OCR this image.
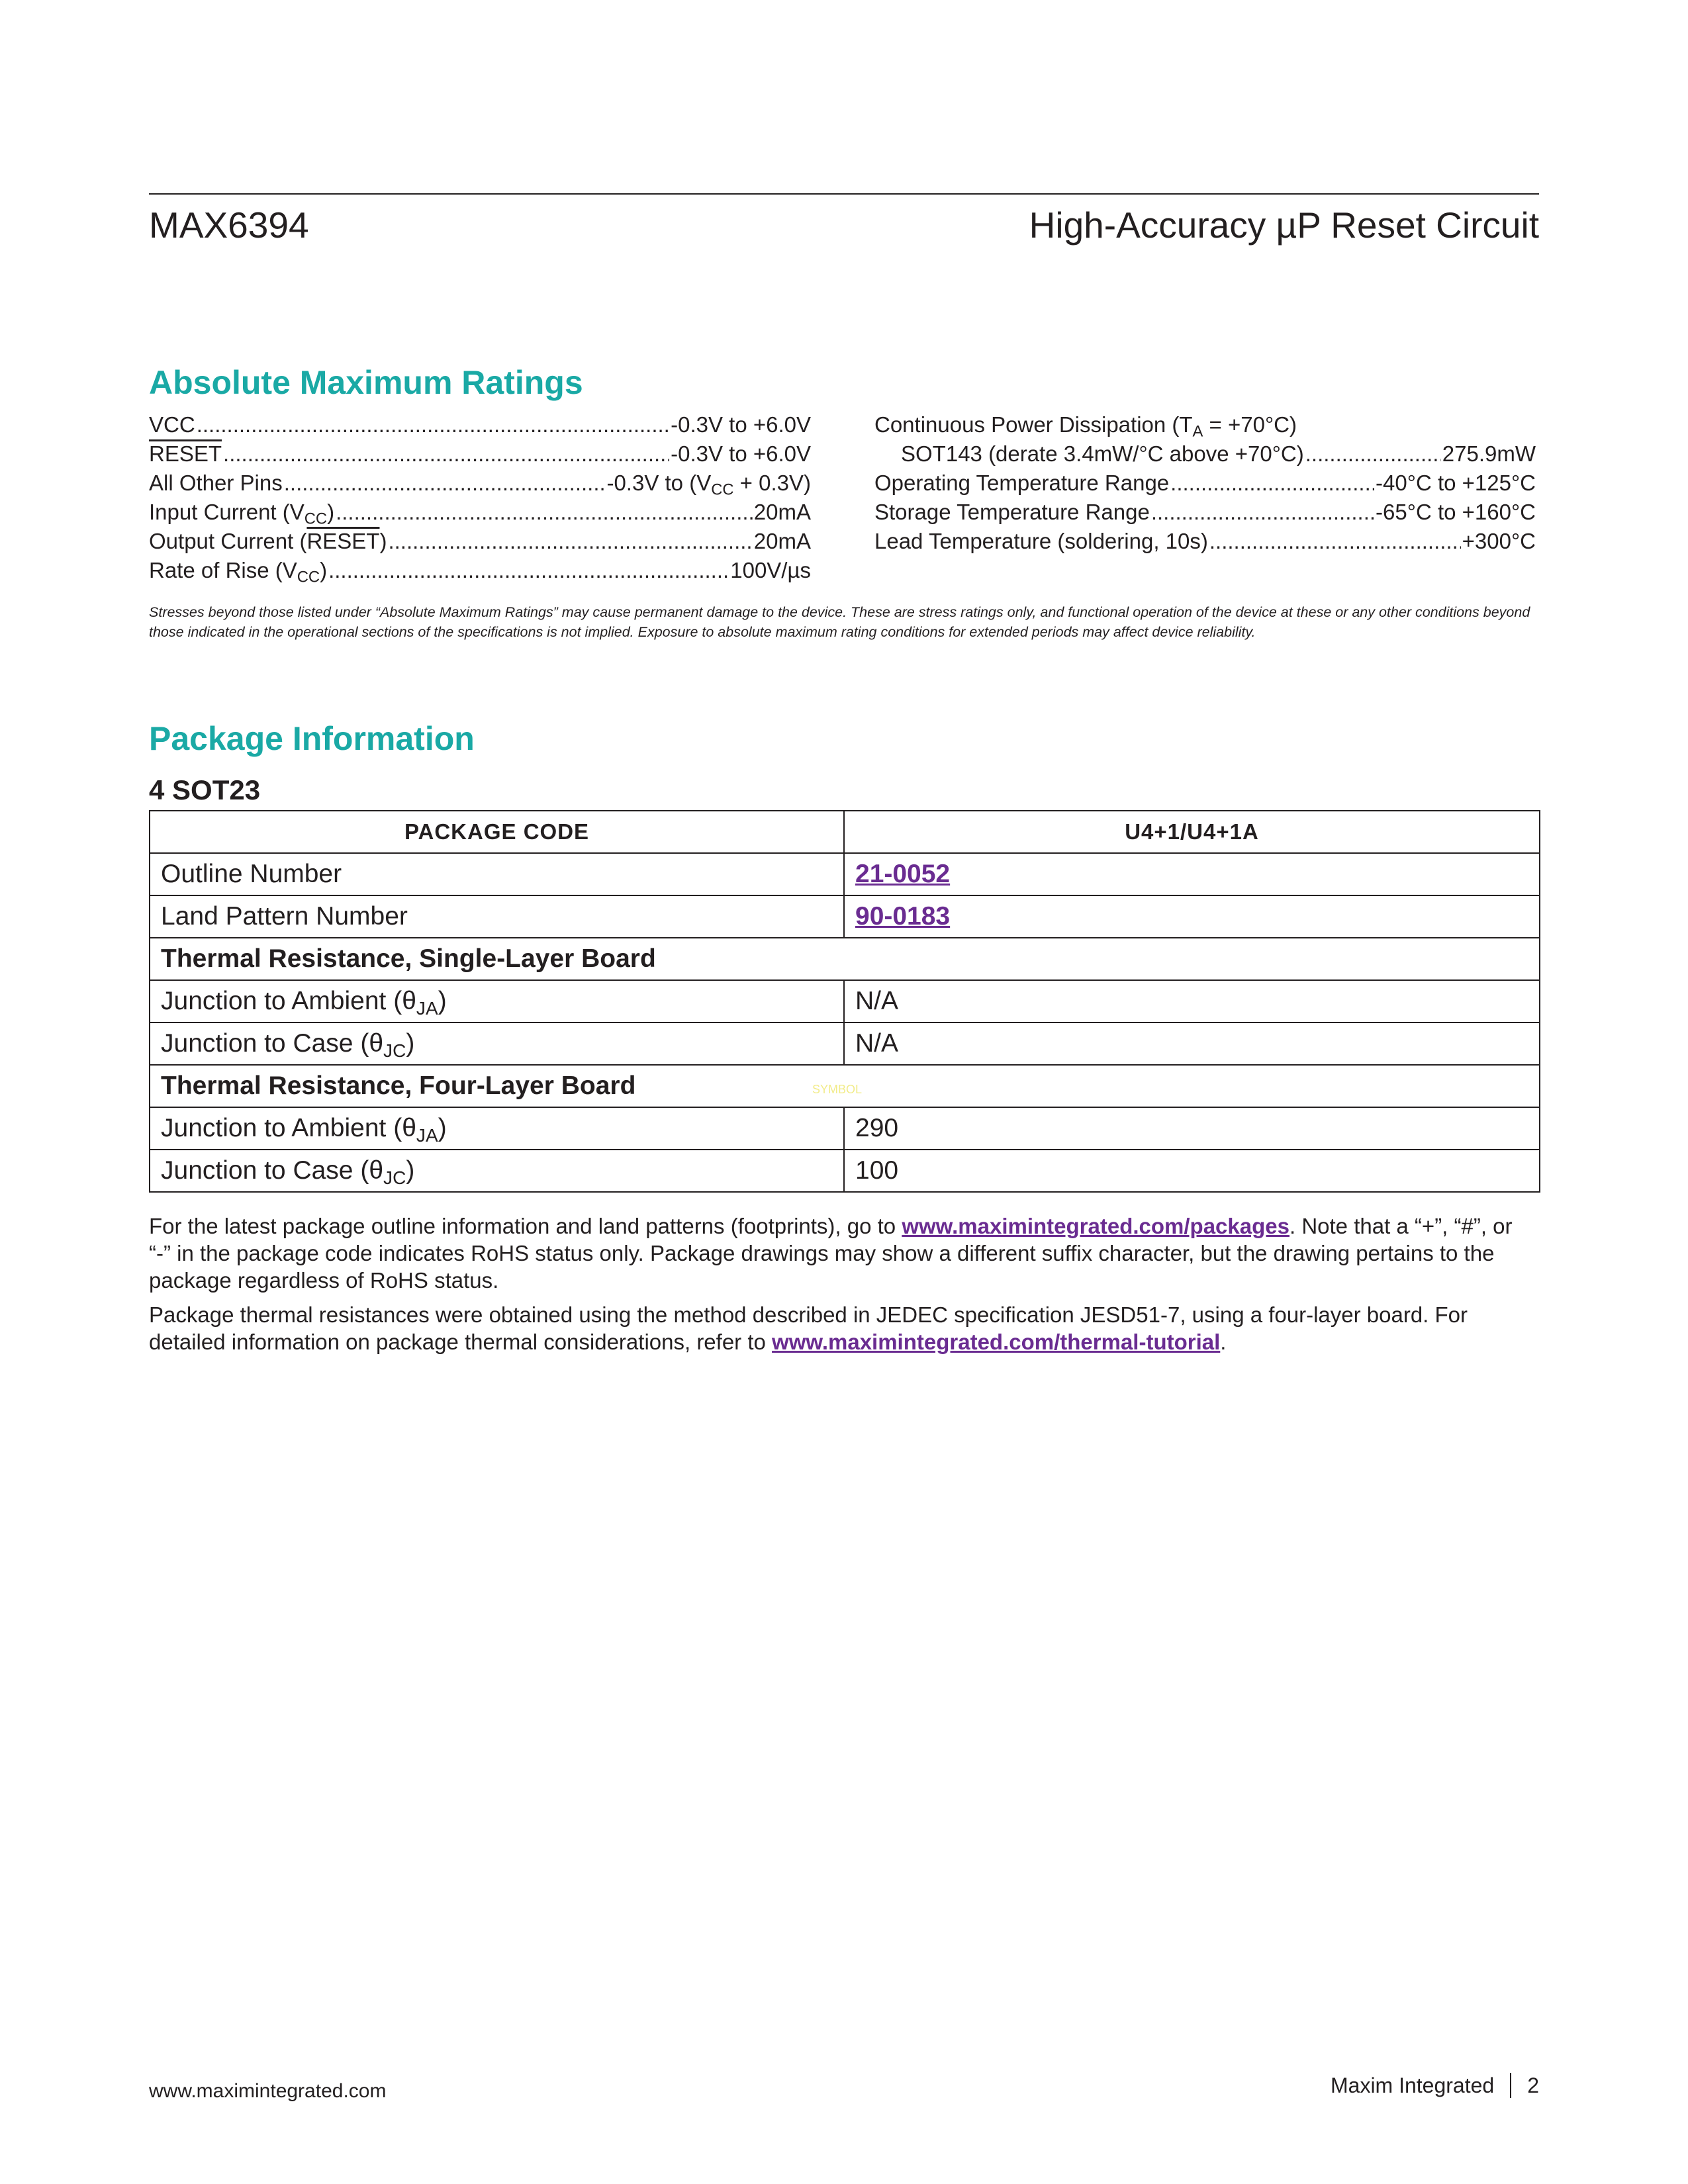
MAX6394	High-Accuracy µP Reset Circuit
Absolute Maximum Ratings
VCC .....	-0.3V to +6.0V
RESET .....	-0.3V to +6.0V
All Other Pins .....	-0.3V to $(V_{CC} + 0.3V)$
Input Current $(V_{CC})$ .....	20mA
Output Current (RESET) .....	20mA
Rate of Rise $(V_{CC})$ .....	100V/µs
Continuous Power Dissipation $(T_A = +70^\circ C)$
SOT143 (derate 3.4mW/°C above +70°C) .....	275.9mW
Operating Temperature Range .....	-40°C to +125°C
Storage Temperature Range .....	-65°C to +160°C
Lead Temperature (soldering, 10s) .....	+300°C
Stresses beyond those listed under “Absolute Maximum Ratings” may cause permanent damage to the device. These are stress ratings only, and functional operation of the device at these or any other conditions beyond those indicated in the operational sections of the specifications is not implied. Exposure to absolute maximum rating conditions for extended periods may affect device reliability.
Package Information
4 SOT23
PACKAGE CODE	U4+1/U4+1A
Outline Number	21-0052
Land Pattern Number	90-0183
Thermal Resistance, Single-Layer Board	
Junction to Ambient $(\theta_{JA})$	N/A
Junction to Case $(\theta_{JC})$	N/A
Thermal Resistance, Four-Layer Board SYMBOL	

Junction to Ambient $(\theta_{JA})$	290
Junction to Case $(\theta_{JC})$	100
For the latest package outline information and land patterns (footprints), go to www.maximintegrated.com/packages. Note that a “+”, “#”, or “-” in the package code indicates RoHS status only. Package drawings may show a different suffix character, but the drawing pertains to the package regardless of RoHS status.
Package thermal resistances were obtained using the method described in JEDEC specification JESD51-7, using a four-layer board. For detailed information on package thermal considerations, refer to www.maximintegrated.com/thermal-tutorial.
www.maximintegrated.com	Maxim Integrated 2
